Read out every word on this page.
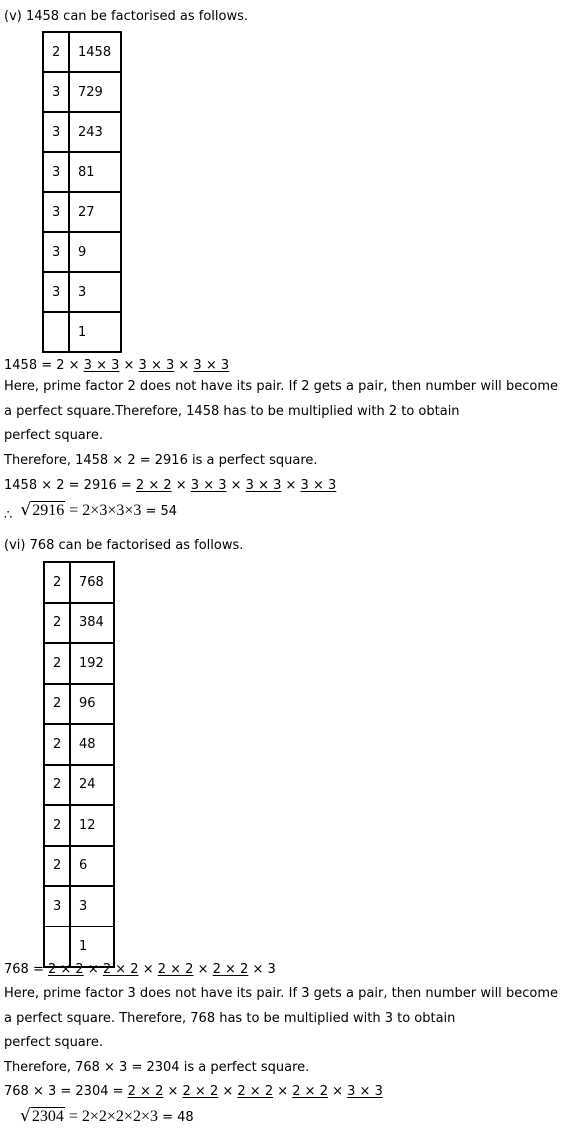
(v) 1458 can be factorised as follows.
2	1458
3	729
3	243
3	81
3	27
3	9
3	3
	1
1458 = 2 × 3 × 3 × 3 × 3 × 3 × 3
Here, prime factor 2 does not have its pair. If 2 gets a pair, then number will become a perfect square.Therefore, 1458 has to be multiplied with 2 to obtain
perfect square.
Therefore, 1458 × 2 = 2916 is a perfect square.
1458 × 2 = 2916 = 2 × 2 × 3 × 3 × 3 × 3 × 3 × 3
∴ √2916 = 2×3×3×3 = 54
(vi) 768 can be factorised as follows.
2	768
2	384
2	192
2	96
2	48
2	24
2	12
2	6
3	3
	1
768 = 2 × 2 × 2 × 2 × 2 × 2 × 2 × 2 × 3
Here, prime factor 3 does not have its pair. If 3 gets a pair, then number will become a perfect square. Therefore, 768 has to be multiplied with 3 to obtain
perfect square.
Therefore, 768 × 3 = 2304 is a perfect square.
768 × 3 = 2304 = 2 × 2 × 2 × 2 × 2 × 2 × 2 × 2 × 3 × 3
√2304 = 2×2×2×2×3 = 48
